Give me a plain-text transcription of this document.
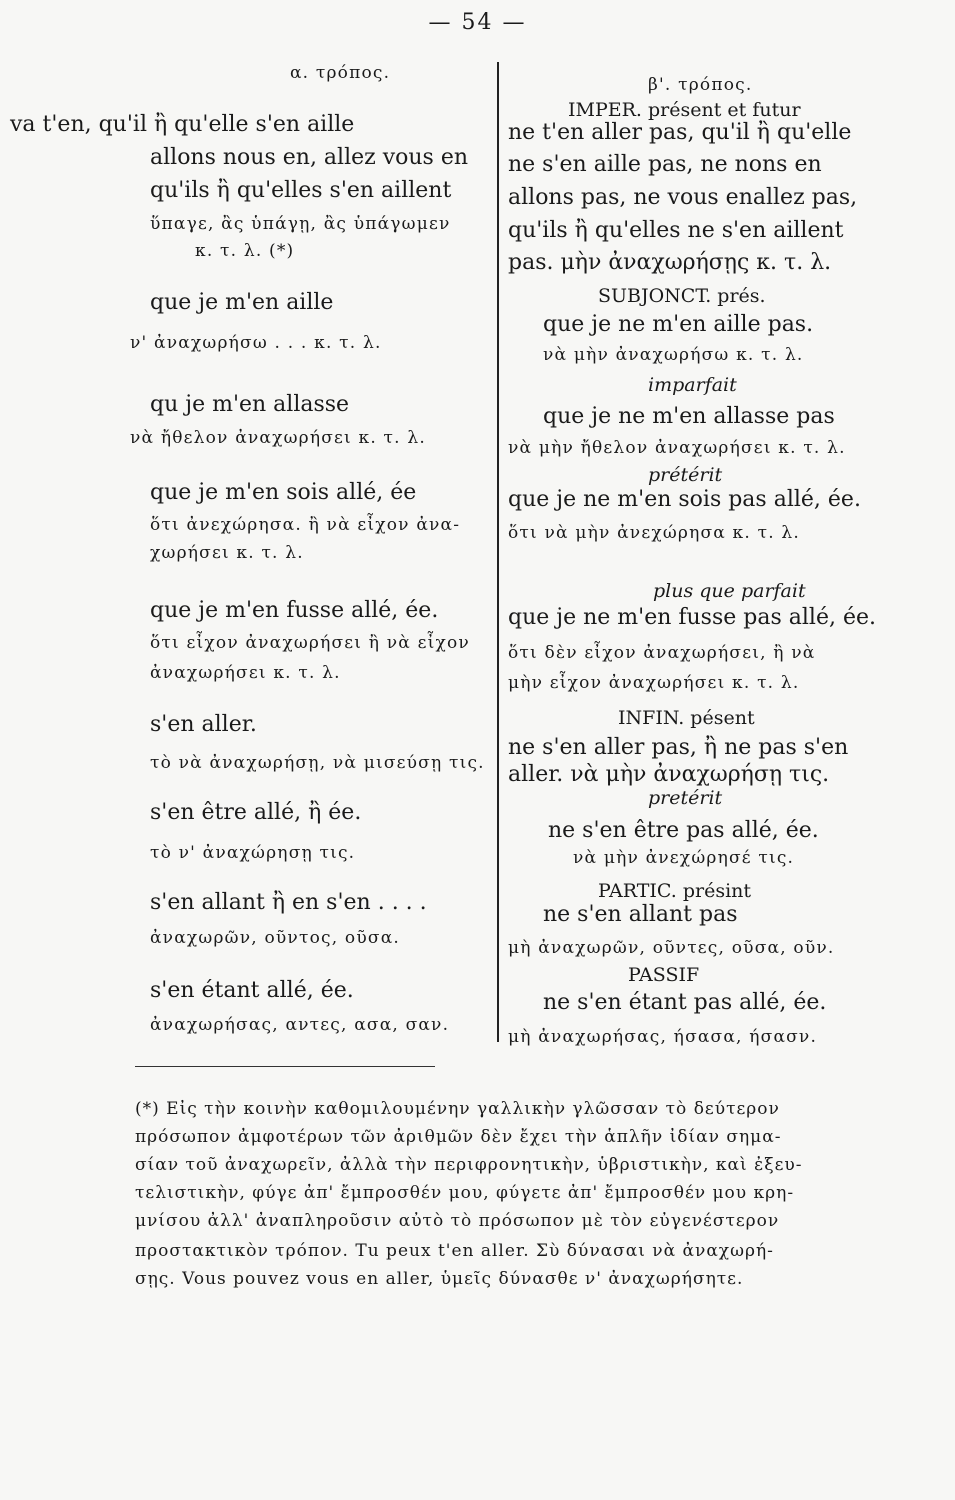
— 54 —
α. τρόπος.
va t'en, qu'il ἢ qu'elle s'en aille
allons nous en, allez vous en
qu'ils ἢ qu'elles s'en aillent
ὕπαγε, ἂς ὑπάγῃ, ἂς ὑπάγωμεν
κ. τ. λ. (*)
que je m'en aille
ν' ἀναχωρήσω . . . κ. τ. λ.
qu je m'en allasse
νὰ ἤθελον ἀναχωρήσει κ. τ. λ.
que je m'en sois allé, ée
ὅτι ἀνεχώρησα. ἢ νὰ εἶχον ἀνα-
χωρήσει κ. τ. λ.
que je m'en fusse allé, ée.
ὅτι εἶχον ἀναχωρήσει ἢ νὰ εἶχον
ἀναχωρήσει κ. τ. λ.
s'en aller.
τὸ νὰ ἀναχωρήσῃ, νὰ μισεύσῃ τις.
s'en être allé, ἢ ée.
τὸ ν' ἀναχώρησῃ τις.
s'en allant ἢ en s'en . . . .
ἀναχωρῶν, οῦντος, οῦσα.
s'en étant allé, ée.
ἀναχωρήσας, αντες, ασα, σαν.
β'. τρόπος.
IMPER. présent et futur
ne t'en aller pas, qu'il ἢ qu'elle
ne s'en aille pas, ne nons en
allons pas, ne vous enallez pas,
qu'ils ἢ qu'elles ne s'en aillent
pas. μὴν ἀναχωρήσῃς κ. τ. λ.
SUBJONCT. prés.
que je ne m'en aille pas.
νὰ μὴν ἀναχωρήσω κ. τ. λ.
imparfait
que je ne m'en allasse pas
νὰ μὴν ἤθελον ἀναχωρήσει κ. τ. λ.
prétérit
que je ne m'en sois pas allé, ée.
ὅτι νὰ μὴν ἀνεχώρησα κ. τ. λ.
plus que parfait
que je ne m'en fusse pas allé, ée.
ὅτι δὲν εἶχον ἀναχωρήσει, ἢ νὰ
μὴν εἶχον ἀναχωρήσει κ. τ. λ.
INFIN. pésent
ne s'en aller pas, ἢ ne pas s'en
aller. νὰ μὴν ἀναχωρήσῃ τις.
pretérit
ne s'en être pas allé, ée.
νὰ μὴν ἀνεχώρησέ τις.
PARTIC. présint
ne s'en allant pas
μὴ ἀναχωρῶν, οῦντες, οῦσα, οῦν.
PASSIF
ne s'en étant pas allé, ée.
μὴ ἀναχωρήσας, ήσασα, ήσασν.
(*) Εἰς τὴν κοινὴν καθομιλουμένην γαλλικὴν γλῶσσαν τὸ δεύτερον
πρόσωπον ἀμφοτέρων τῶν ἀριθμῶν δὲν ἔχει τὴν ἁπλῆν ἰδίαν σημα-
σίαν τοῦ ἀναχωρεῖν, ἀλλὰ τὴν περιφρονητικὴν, ὑβριστικὴν, καὶ ἐξευ-
τελιστικὴν, φύγε ἀπ' ἔμπροσθέν μου, φύγετε ἀπ' ἔμπροσθέν μου κρη-
μνίσου ἀλλ' ἀναπληροῦσιν αὐτὸ τὸ πρόσωπον μὲ τὸν εὐγενέστερον
προστακτικὸν τρόπον. Tu peux t'en aller. Σὺ δύνασαι νὰ ἀναχωρή-
σῃς. Vous pouvez vous en aller, ὑμεῖς δύνασθε ν' ἀναχωρήσητε.
